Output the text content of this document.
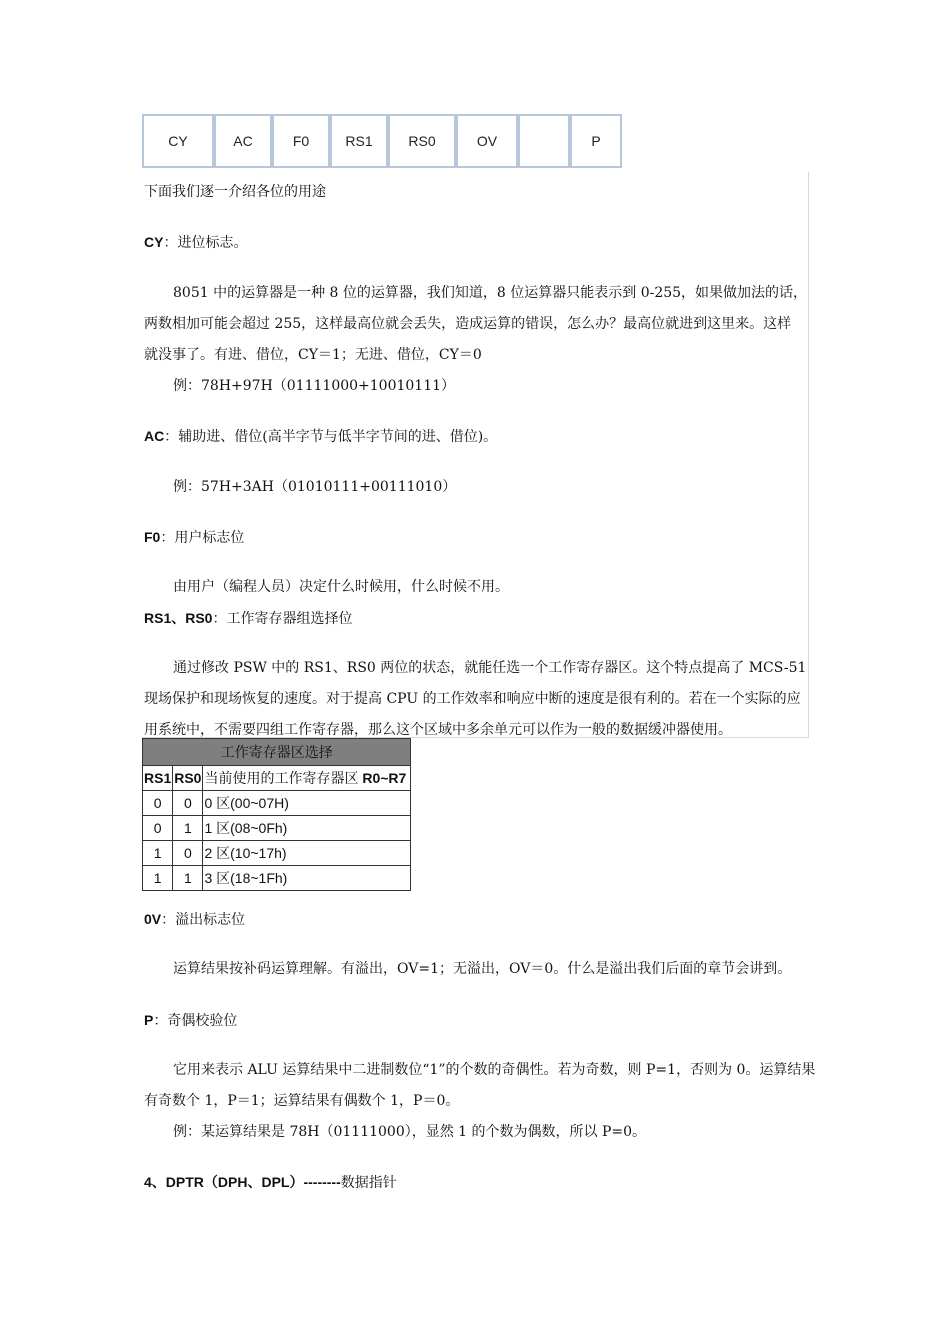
CY	AC	F0	RS1	RS0	OV		P
下面我们逐一介绍各位的用途
CY：进位标志。
8051 中的运算器是一种 8 位的运算器，我们知道，8 位运算器只能表示到 0-255，如果做加法的话，
两数相加可能会超过 255，这样最高位就会丢失，造成运算的错误，怎么办？最高位就进到这里来。这样
就没事了。有进、借位，CY＝1；无进、借位，CY＝0
例：78H+97H（01111000+10010111）
AC：辅助进、借位(高半字节与低半字节间的进、借位)。
例：57H+3AH（01010111+00111010）
F0：用户标志位
由用户（编程人员）决定什么时候用，什么时候不用。
RS1、RS0：工作寄存器组选择位
通过修改 PSW 中的 RS1、RS0 两位的状态，就能任选一个工作寄存器区。这个特点提高了 MCS-51
现场保护和现场恢复的速度。对于提高 CPU 的工作效率和响应中断的速度是很有利的。若在一个实际的应
用系统中，不需要四组工作寄存器，那么这个区域中多余单元可以作为一般的数据缓冲器使用。
工作寄存器区选择		
RS1	RS0	当前使用的工作寄存器区 R0~R7
0	0	0 区(00~07H)
0	1	1 区(08~0Fh)
1	0	2 区(10~17h)
1	1	3 区(18~1Fh)
0V：溢出标志位
运算结果按补码运算理解。有溢出，OV=1；无溢出，OV＝0。什么是溢出我们后面的章节会讲到。
P：奇偶校验位
它用来表示 ALU 运算结果中二进制数位“1”的个数的奇偶性。若为奇数，则 P=1，否则为 0。运算结果
有奇数个 1，P＝1；运算结果有偶数个 1，P＝0。
例：某运算结果是 78H（01111000），显然 1 的个数为偶数，所以 P=0。
4、DPTR（DPH、DPL）--------数据指针
